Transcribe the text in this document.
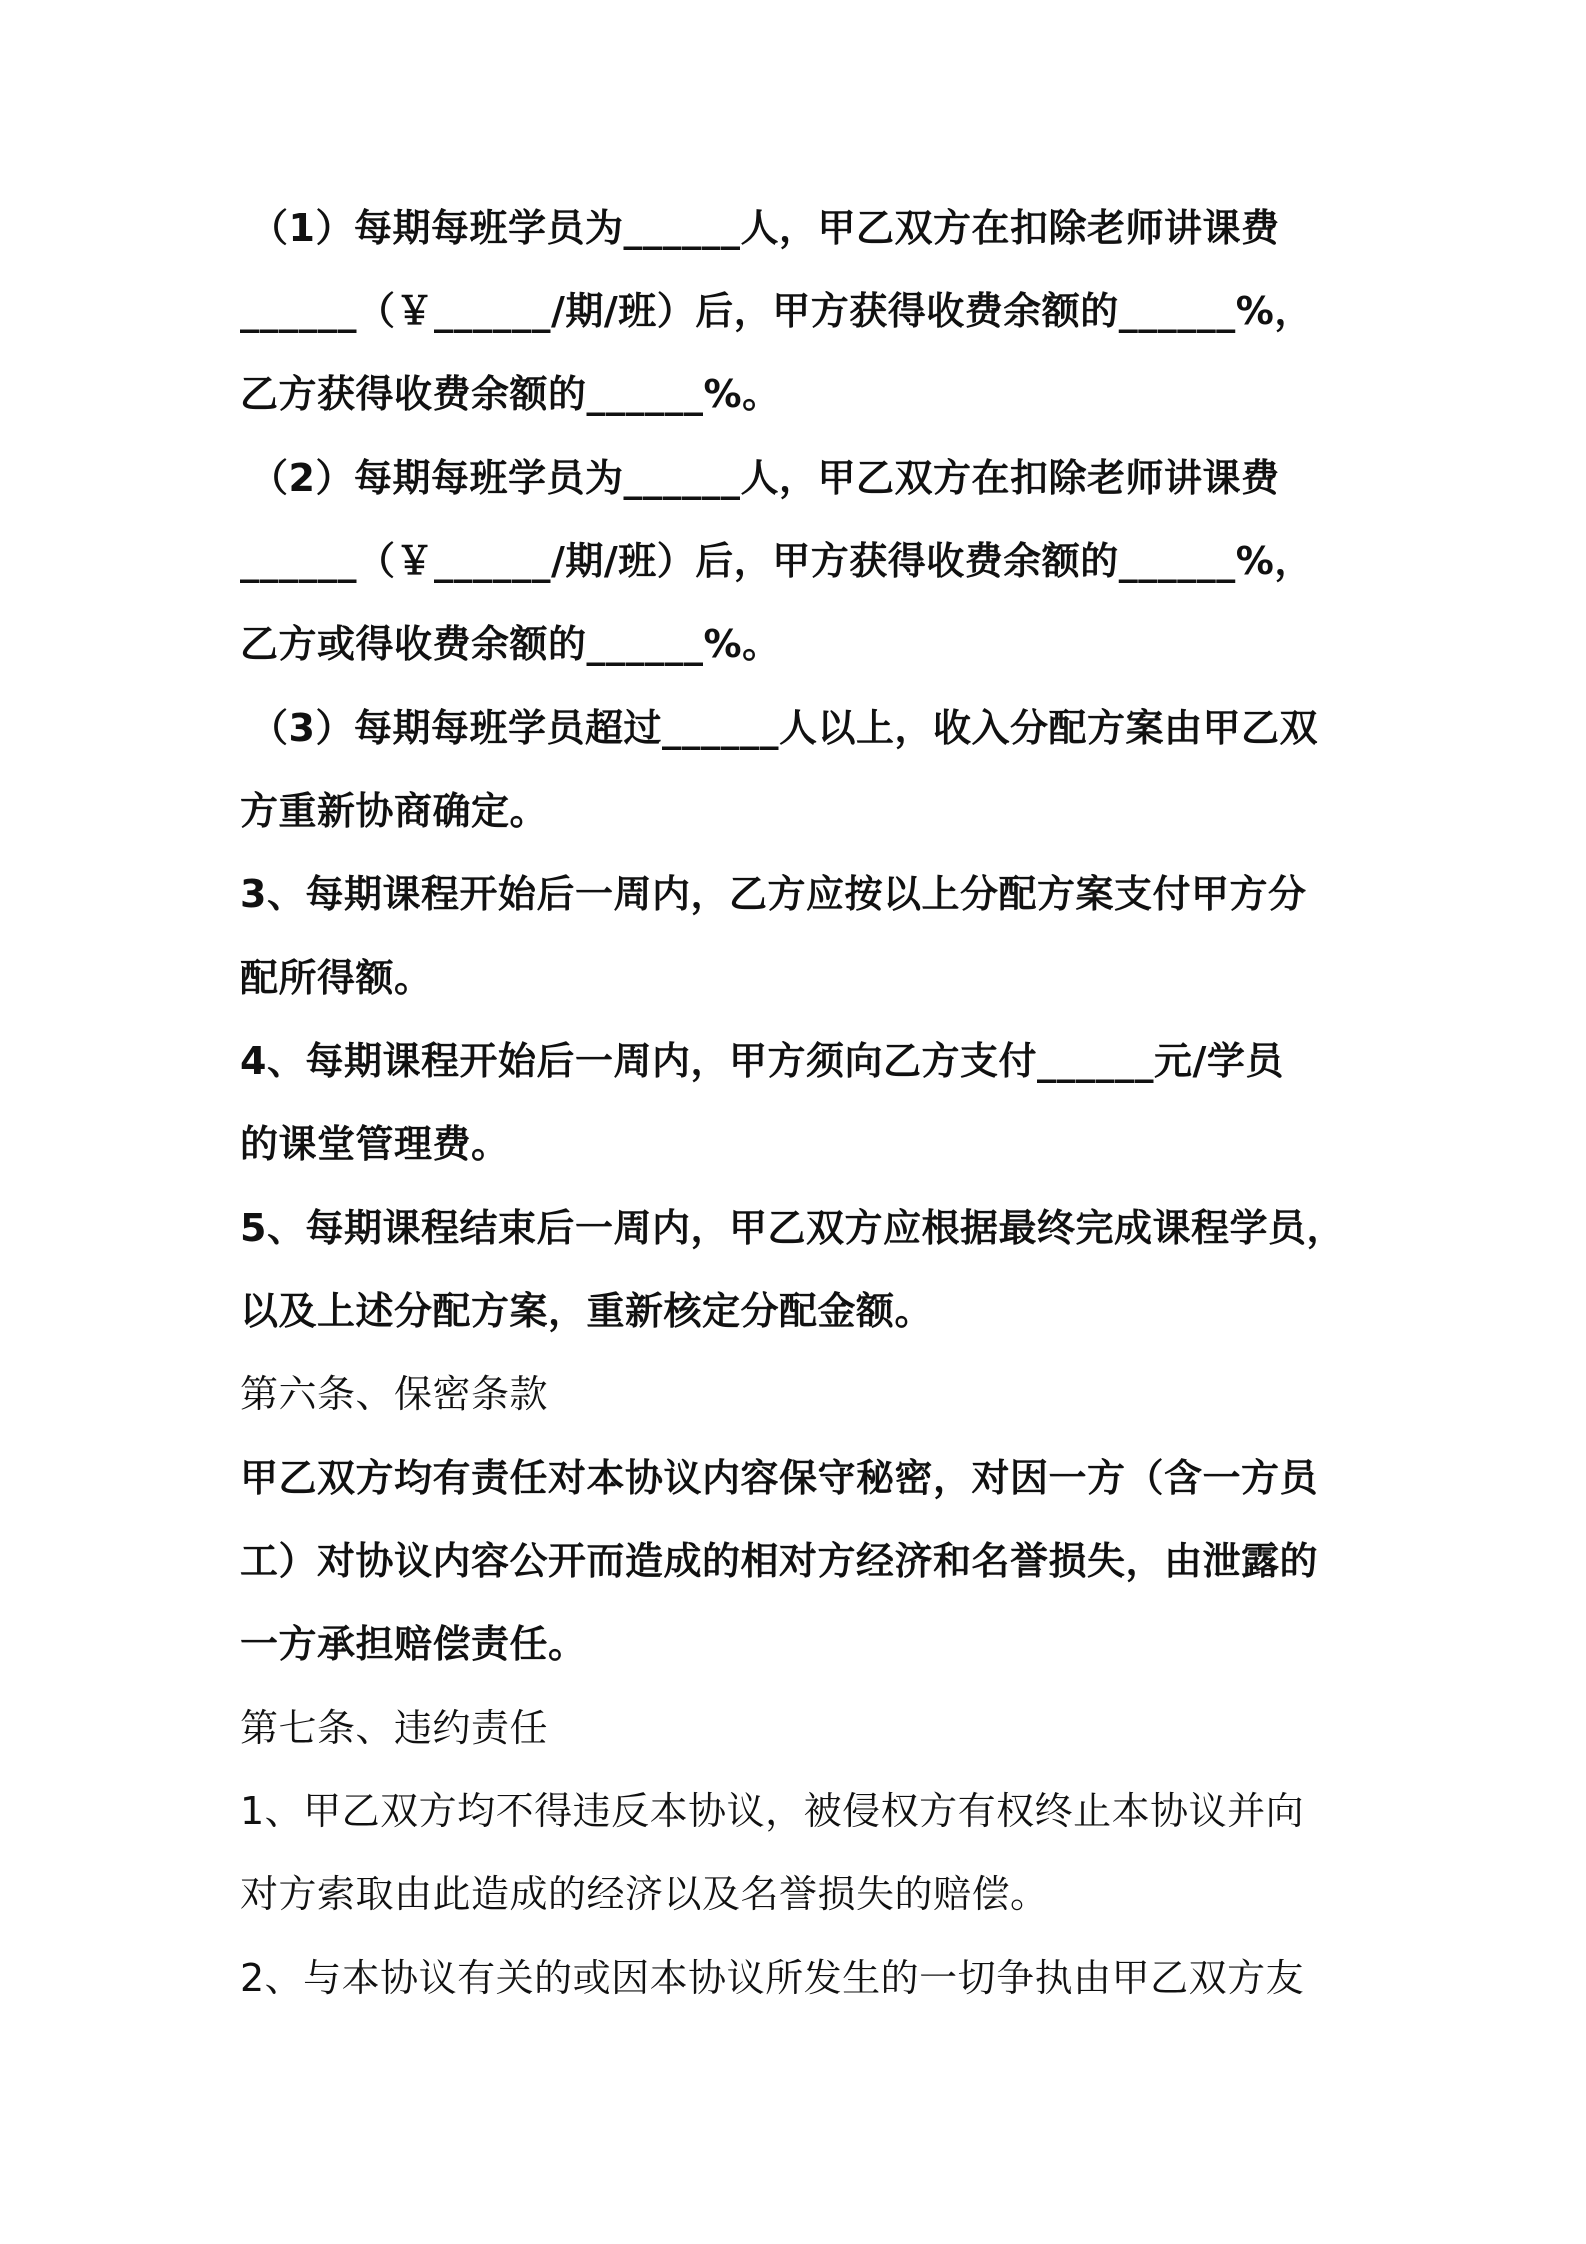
（1）每期每班学员为______人，甲乙双方在扣除老师讲课费
______（￥______/期/班）后，甲方获得收费余额的______%，
乙方获得收费余额的______%。
（2）每期每班学员为______人，甲乙双方在扣除老师讲课费
______（￥______/期/班）后，甲方获得收费余额的______%，
乙方或得收费余额的______%。
（3）每期每班学员超过______人以上，收入分配方案由甲乙双
方重新协商确定。
3、每期课程开始后一周内，乙方应按以上分配方案支付甲方分
配所得额。
4、每期课程开始后一周内，甲方须向乙方支付______元/学员
的课堂管理费。
5、每期课程结束后一周内，甲乙双方应根据最终完成课程学员，
以及上述分配方案，重新核定分配金额。
第六条、保密条款
甲乙双方均有责任对本协议内容保守秘密，对因一方（含一方员
工）对协议内容公开而造成的相对方经济和名誉损失，由泄露的
一方承担赔偿责任。
第七条、违约责任
1、甲乙双方均不得违反本协议，被侵权方有权终止本协议并向
对方索取由此造成的经济以及名誉损失的赔偿。
2、与本协议有关的或因本协议所发生的一切争执由甲乙双方友
